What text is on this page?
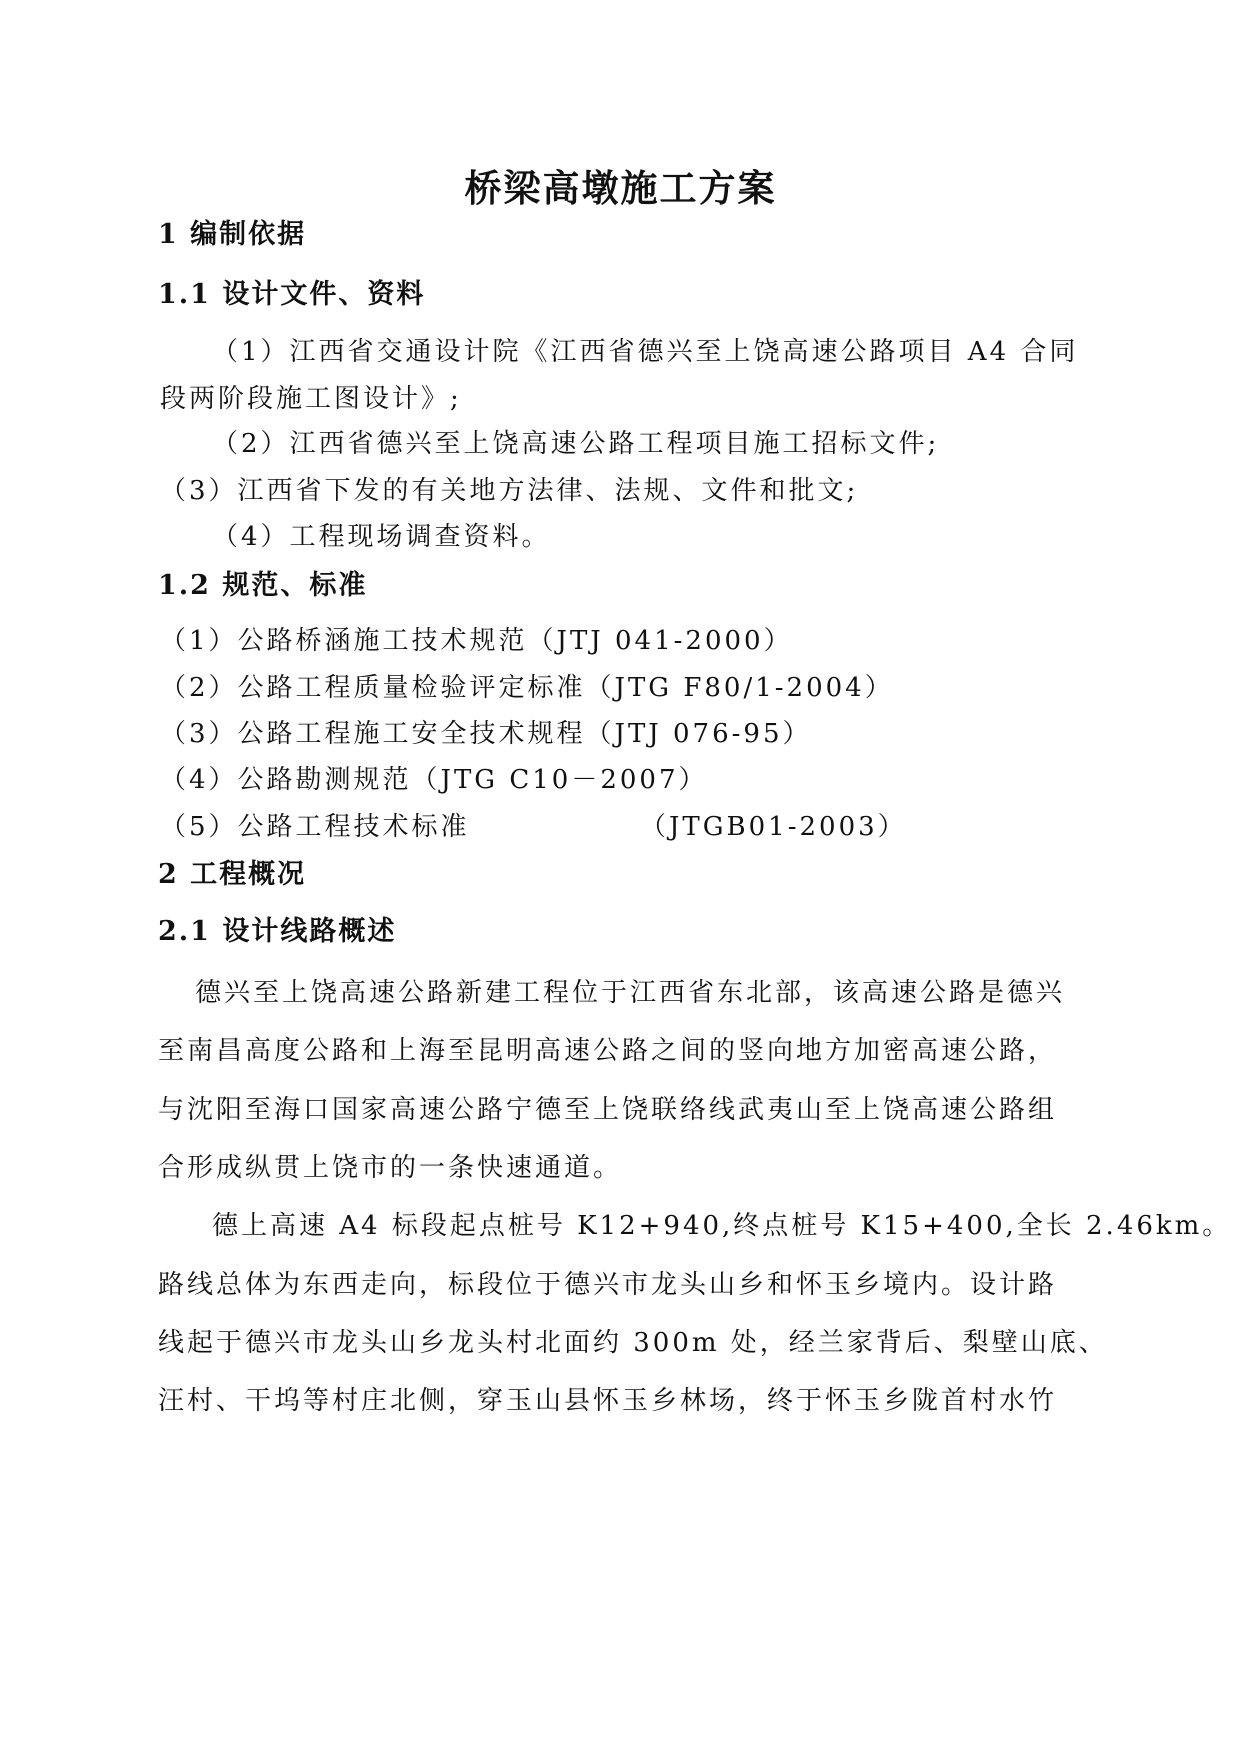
桥梁高墩施工方案
1 编制依据
1.1 设计文件、资料
（1）江西省交通设计院《江西省德兴至上饶高速公路项目 A4 合同
段两阶段施工图设计》;
（2）江西省德兴至上饶高速公路工程项目施工招标文件;
（3）江西省下发的有关地方法律、法规、文件和批文;
（4）工程现场调查资料。
1.2 规范、标准
（1）公路桥涵施工技术规范（JTJ 041-2000）
（2）公路工程质量检验评定标准（JTG F80/1-2004）
（3）公路工程施工安全技术规程（JTJ 076-95）
（4）公路勘测规范（JTG C10－2007）
（5）公路工程技术标准	（JTGB01-2003）
2 工程概况
2.1 设计线路概述
德兴至上饶高速公路新建工程位于江西省东北部，该高速公路是德兴
至南昌高度公路和上海至昆明高速公路之间的竖向地方加密高速公路，
与沈阳至海口国家高速公路宁德至上饶联络线武夷山至上饶高速公路组
合形成纵贯上饶市的一条快速通道。
德上高速 A4 标段起点桩号 K12+940,终点桩号 K15+400,全长 2.46km。
路线总体为东西走向，标段位于德兴市龙头山乡和怀玉乡境内。设计路
线起于德兴市龙头山乡龙头村北面约 300m 处，经兰家背后、梨壁山底、
汪村、干坞等村庄北侧，穿玉山县怀玉乡林场，终于怀玉乡陇首村水竹
